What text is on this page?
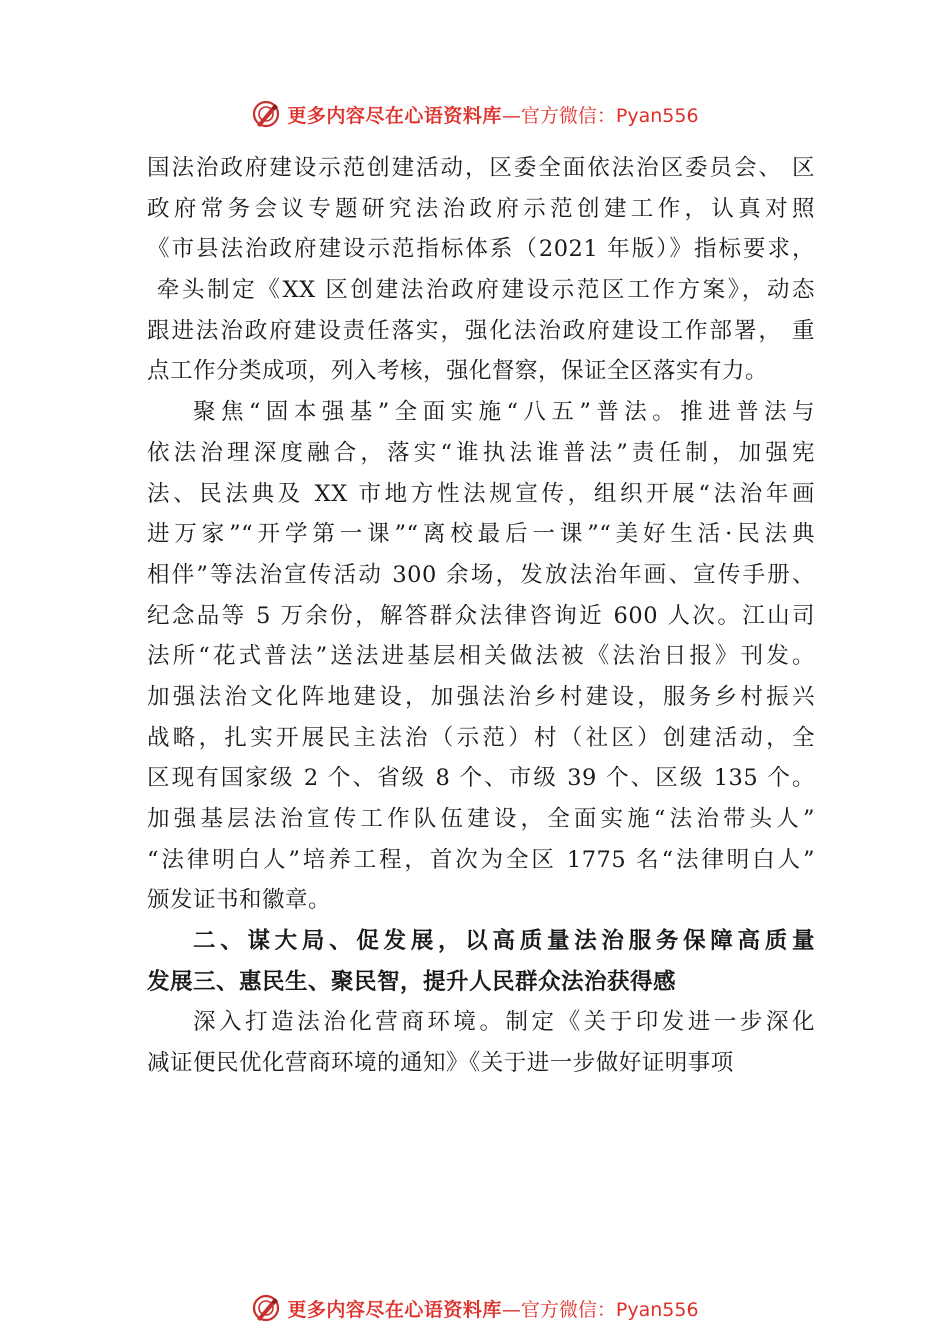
更多内容尽在心语资料库 —官方微信：Pyan556
国法治政府建设示范创建活动，区委全面依法治区委员会、 区
政府常务会议专题研究法治政府示范创建工作，认真对照
《市县法治政府建设示范指标体系（2021 年版）》指标要求，
牵头制定《XX 区创建法治政府建设示范区工作方案》，动态
跟进法治政府建设责任落实，强化法治政府建设工作部署， 重
点工作分类成项，列入考核，强化督察，保证全区落实有力。
聚焦“固本强基”全面实施“八五”普法。推进普法与
依法治理深度融合，落实“谁执法谁普法”责任制，加强宪
法、民法典及 XX 市地方性法规宣传，组织开展“法治年画
进万家”“开学第一课”“离校最后一课”“美好生活·民法典
相伴”等法治宣传活动 300 余场，发放法治年画、宣传手册、
纪念品等 5 万余份，解答群众法律咨询近 600 人次。江山司
法所“花式普法”送法进基层相关做法被《法治日报》刊发。
加强法治文化阵地建设，加强法治乡村建设，服务乡村振兴
战略，扎实开展民主法治（示范）村（社区）创建活动，全
区现有国家级 2 个、省级 8 个、市级 39 个、区级 135 个。
加强基层法治宣传工作队伍建设，全面实施“法治带头人”
“法律明白人”培养工程，首次为全区 1775 名“法律明白人”
颁发证书和徽章。
二、谋大局、促发展，以高质量法治服务保障高质量
发展三、惠民生、聚民智，提升人民群众法治获得感
深入打造法治化营商环境。制定《关于印发进一步深化
减证便民优化营商环境的通知》《关于进一步做好证明事项
更多内容尽在心语资料库 —官方微信：Pyan556
